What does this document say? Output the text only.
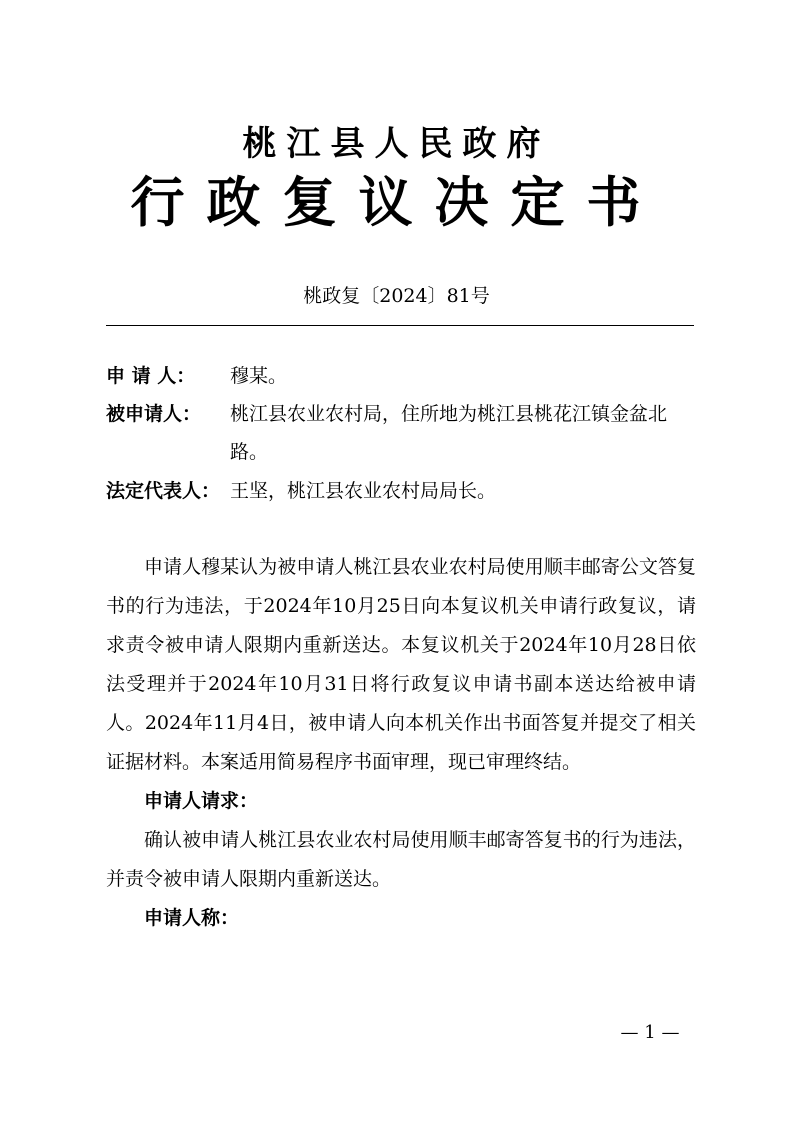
桃江县人民政府
行政复议决定书
桃政复〔2024〕81号
申 请 人：	穆某。
被申请人：	桃江县农业农村局，住所地为桃江县桃花江镇金盆北路。
法定代表人： 王坚，桃江县农业农村局局长。

申请人穆某认为被申请人桃江县农业农村局使用顺丰邮寄公文答复书的行为违法，于2024年10月25日向本复议机关申请行政复议，请求责令被申请人限期内重新送达。本复议机关于2024年10月28日依法受理并于2024年10月31日将行政复议申请书副本送达给被申请人。2024年11月4日，被申请人向本机关作出书面答复并提交了相关证据材料。本案适用简易程序书面审理，现已审理终结。

申请人请求：

确认被申请人桃江县农业农村局使用顺丰邮寄答复书的行为违法，并责令被申请人限期内重新送达。

申请人称：
— 1 —
